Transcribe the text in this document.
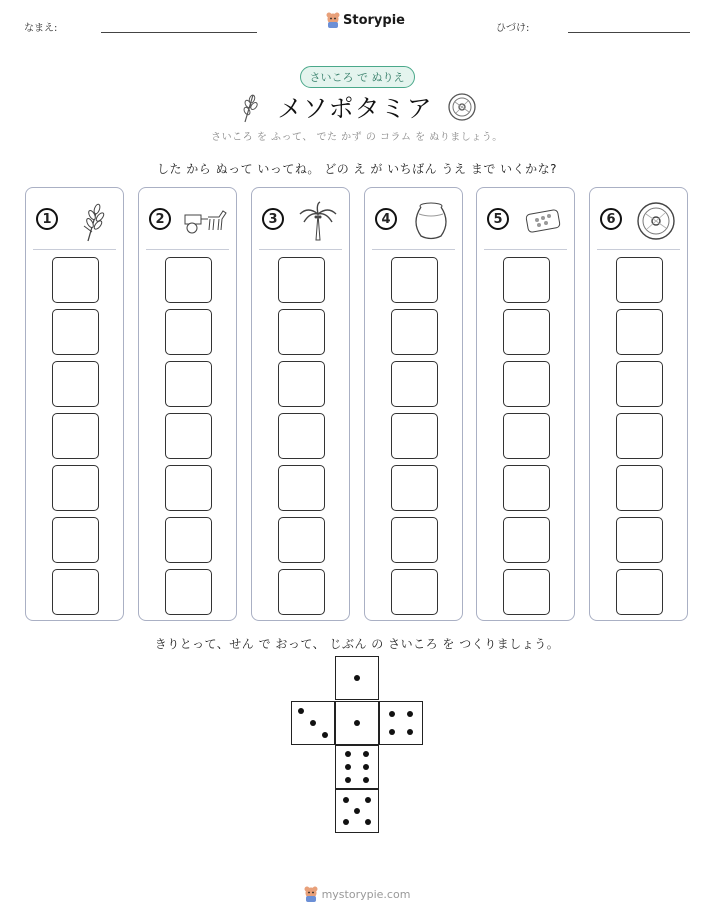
なまえ:
Storypie
ひづけ:
さいころ で ぬりえ
メソポタミア
さいころ を ふって、 でた かず の コラム を ぬりましょう。
した から ぬって いってね。 どの え が いちばん うえ まで いくかな?
1	2	3	4	5	6
きりとって、せん で おって、 じぶん の さいころ を つくりましょう。
mystorypie.com
